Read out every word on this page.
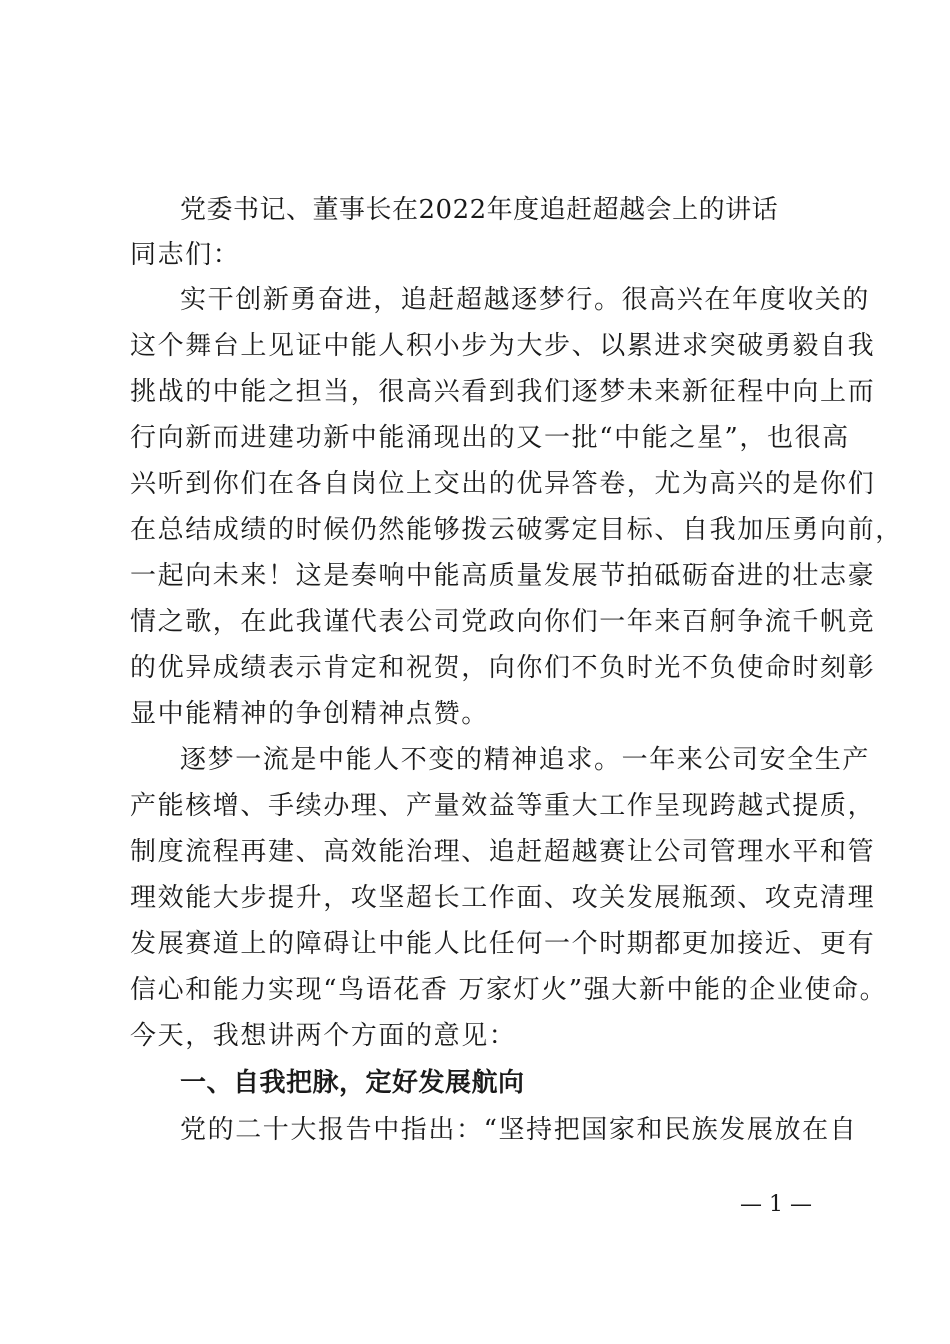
党委书记、董事长在2022年度追赶超越会上的讲话
同志们：
实干创新勇奋进，追赶超越逐梦行。很高兴在年度收关的
这个舞台上见证中能人积小步为大步、以累进求突破勇毅自我
挑战的中能之担当，很高兴看到我们逐梦未来新征程中向上而
行向新而进建功新中能涌现出的又一批“中能之星”，也很高
兴听到你们在各自岗位上交出的优异答卷，尤为高兴的是你们
在总结成绩的时候仍然能够拨云破雾定目标、自我加压勇向前，
一起向未来！这是奏响中能高质量发展节拍砥砺奋进的壮志豪
情之歌，在此我谨代表公司党政向你们一年来百舸争流千帆竞
的优异成绩表示肯定和祝贺，向你们不负时光不负使命时刻彰
显中能精神的争创精神点赞。
逐梦一流是中能人不变的精神追求。一年来公司安全生产
产能核增、手续办理、产量效益等重大工作呈现跨越式提质，
制度流程再建、高效能治理、追赶超越赛让公司管理水平和管
理效能大步提升，攻坚超长工作面、攻关发展瓶颈、攻克清理
发展赛道上的障碍让中能人比任何一个时期都更加接近、更有
信心和能力实现“鸟语花香 万家灯火”强大新中能的企业使命。
今天，我想讲两个方面的意见：
一、自我把脉，定好发展航向
党的二十大报告中指出：“坚持把国家和民族发展放在自
— 1 —
